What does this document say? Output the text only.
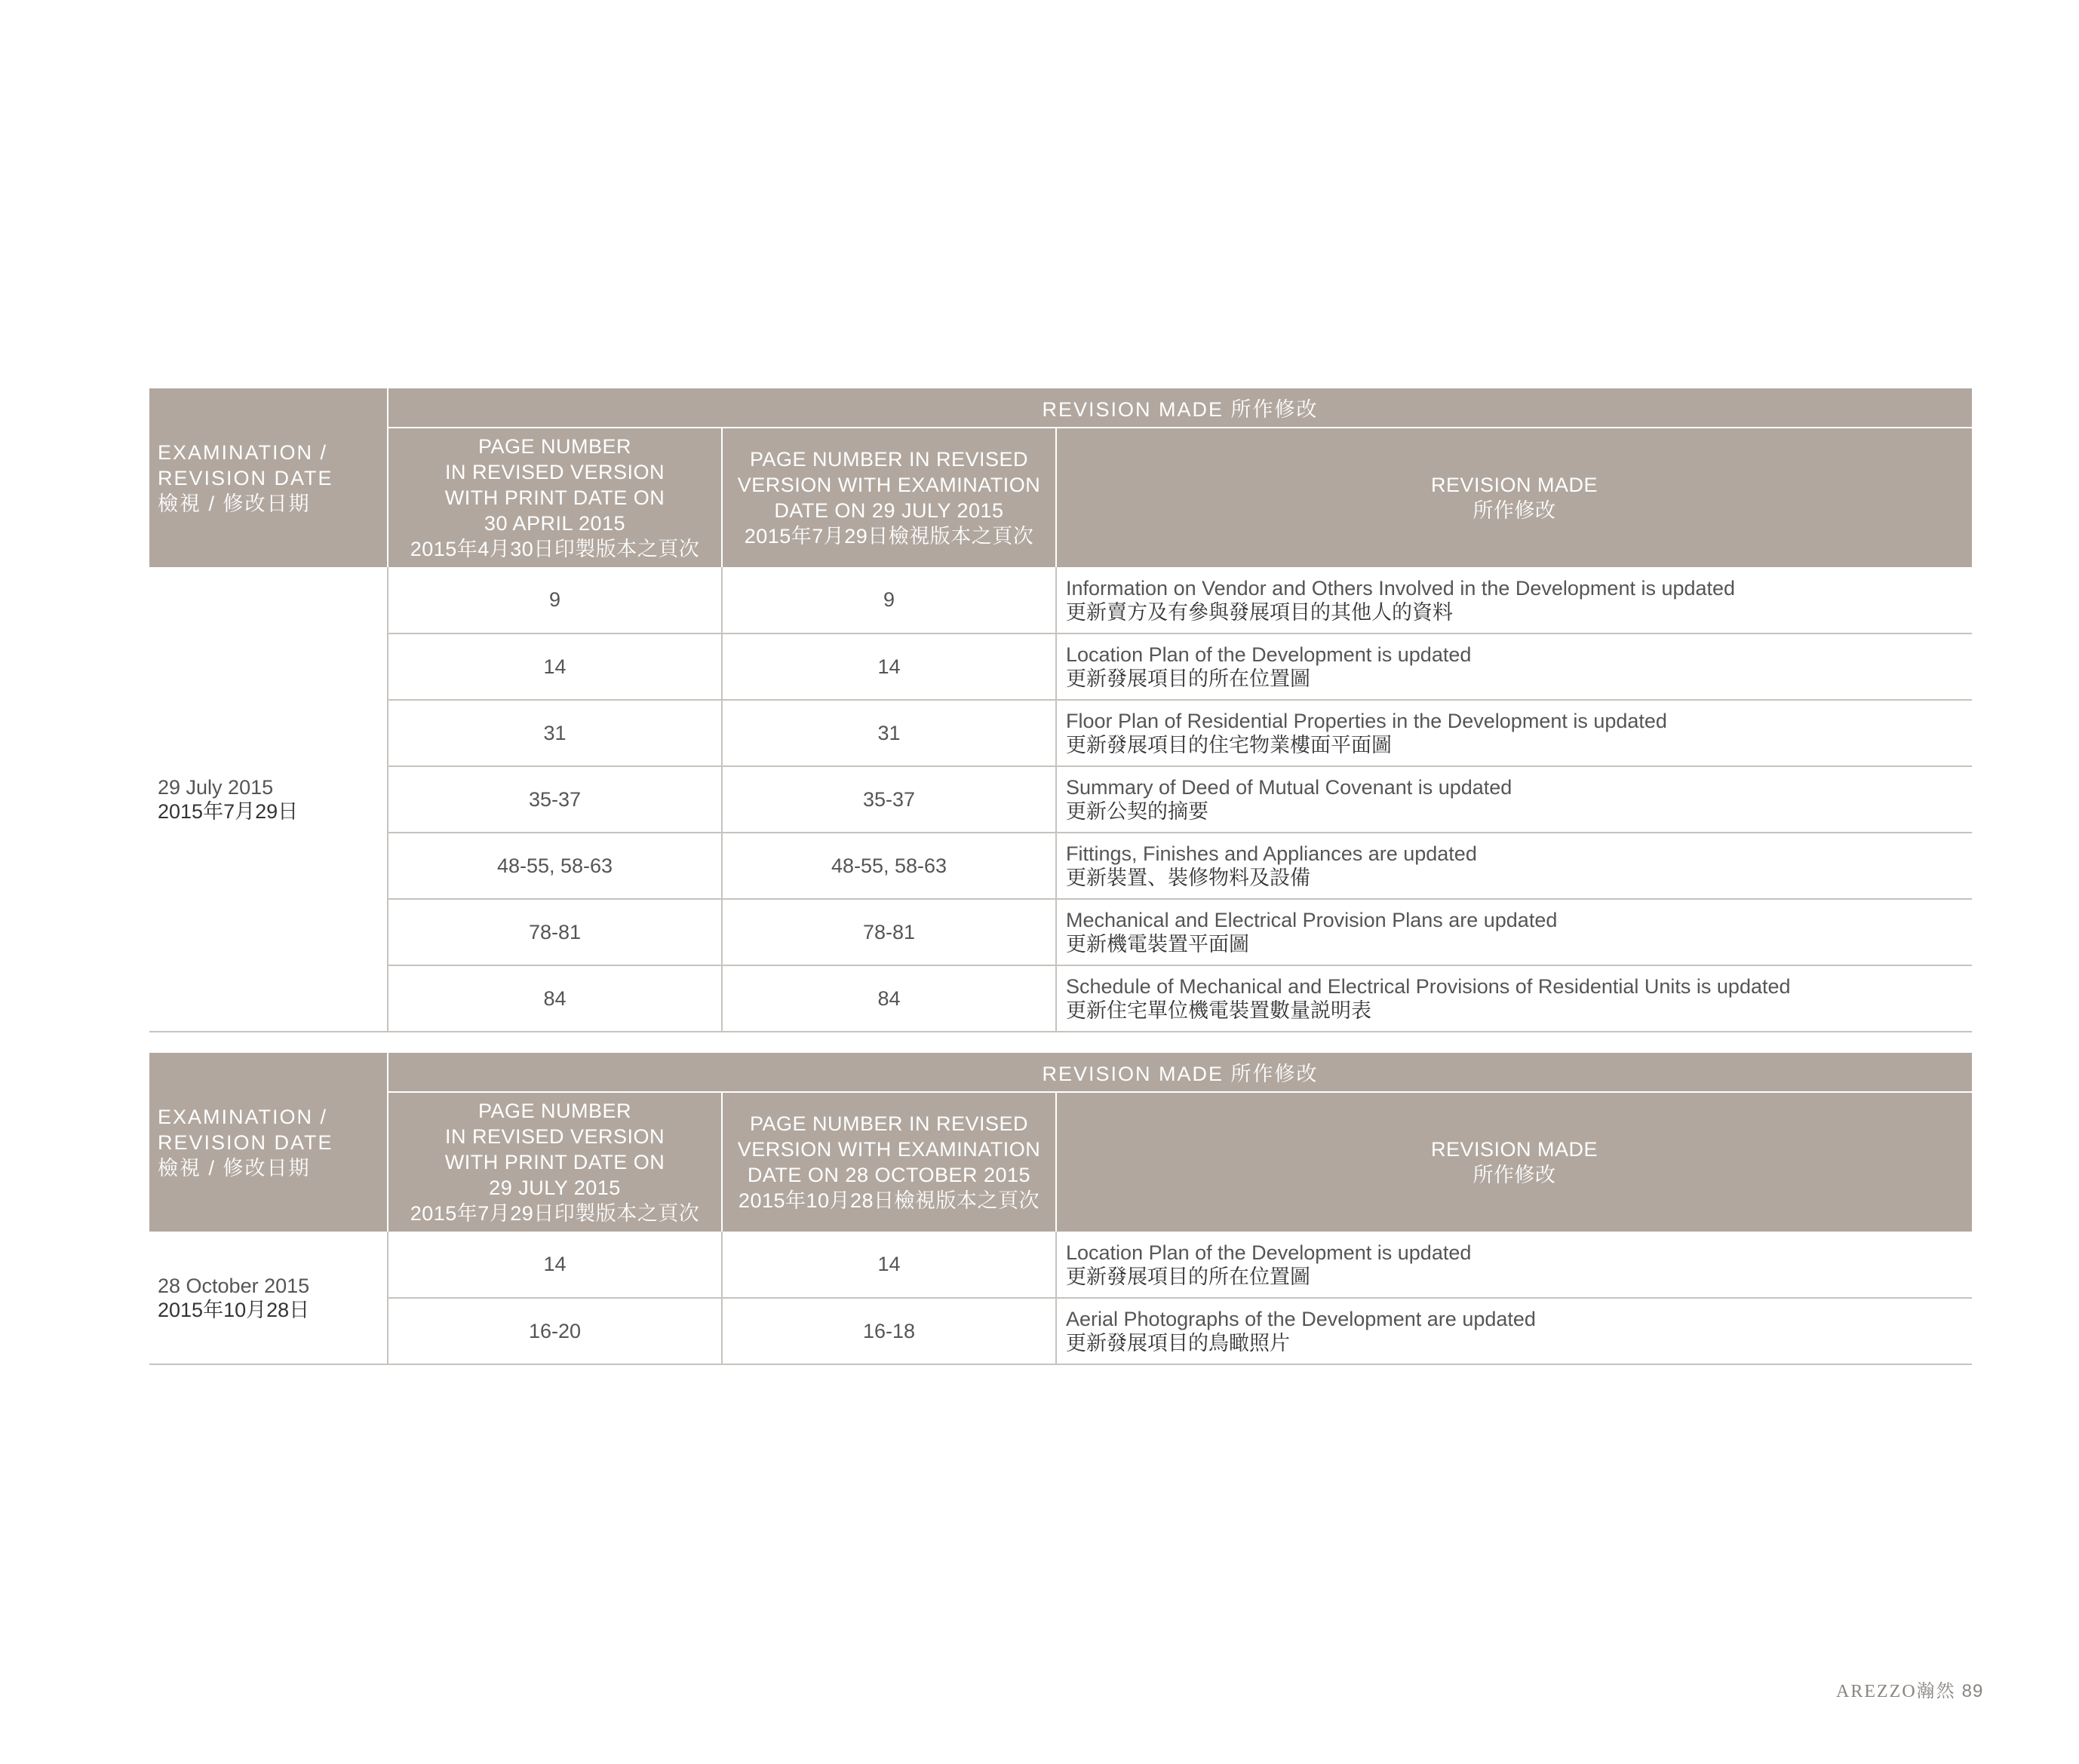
EXAMINATION /
REVISION DATE
檢視 / 修改日期	REVISION MADE 所作修改		

	PAGE NUMBER
IN REVISED VERSION
WITH PRINT DATE ON
30 APRIL 2015
2015年4月30日印製版本之頁次	PAGE NUMBER IN REVISED
VERSION WITH EXAMINATION
DATE ON 29 JULY 2015
2015年7月29日檢視版本之頁次	REVISION MADE
所作修改

29 July 2015
2015年7月29日	9	9	Information on Vendor and Others Involved in the Development is updated
更新賣方及有參與發展項目的其他人的資料

	14	14	Location Plan of the Development is updated
更新發展項目的所在位置圖

	31	31	Floor Plan of Residential Properties in the Development is updated
更新發展項目的住宅物業樓面平面圖

	35-37	35-37	Summary of Deed of Mutual Covenant is updated
更新公契的摘要

	48-55, 58-63	48-55, 58-63	Fittings, Finishes and Appliances are updated
更新裝置、裝修物料及設備

	78-81	78-81	Mechanical and Electrical Provision Plans are updated
更新機電裝置平面圖

	84	84	Schedule of Mechanical and Electrical Provisions of Residential Units is updated
更新住宅單位機電裝置數量説明表
EXAMINATION /
REVISION DATE
檢視 / 修改日期	REVISION MADE 所作修改		

	PAGE NUMBER
IN REVISED VERSION
WITH PRINT DATE ON
29 JULY 2015
2015年7月29日印製版本之頁次	PAGE NUMBER IN REVISED
VERSION WITH EXAMINATION
DATE ON 28 OCTOBER 2015
2015年10月28日檢視版本之頁次	REVISION MADE
所作修改

28 October 2015
2015年10月28日	14	14	Location Plan of the Development is updated
更新發展項目的所在位置圖

	16-20	16-18	Aerial Photographs of the Development are updated
更新發展項目的鳥瞰照片
AREZZO瀚然 89
